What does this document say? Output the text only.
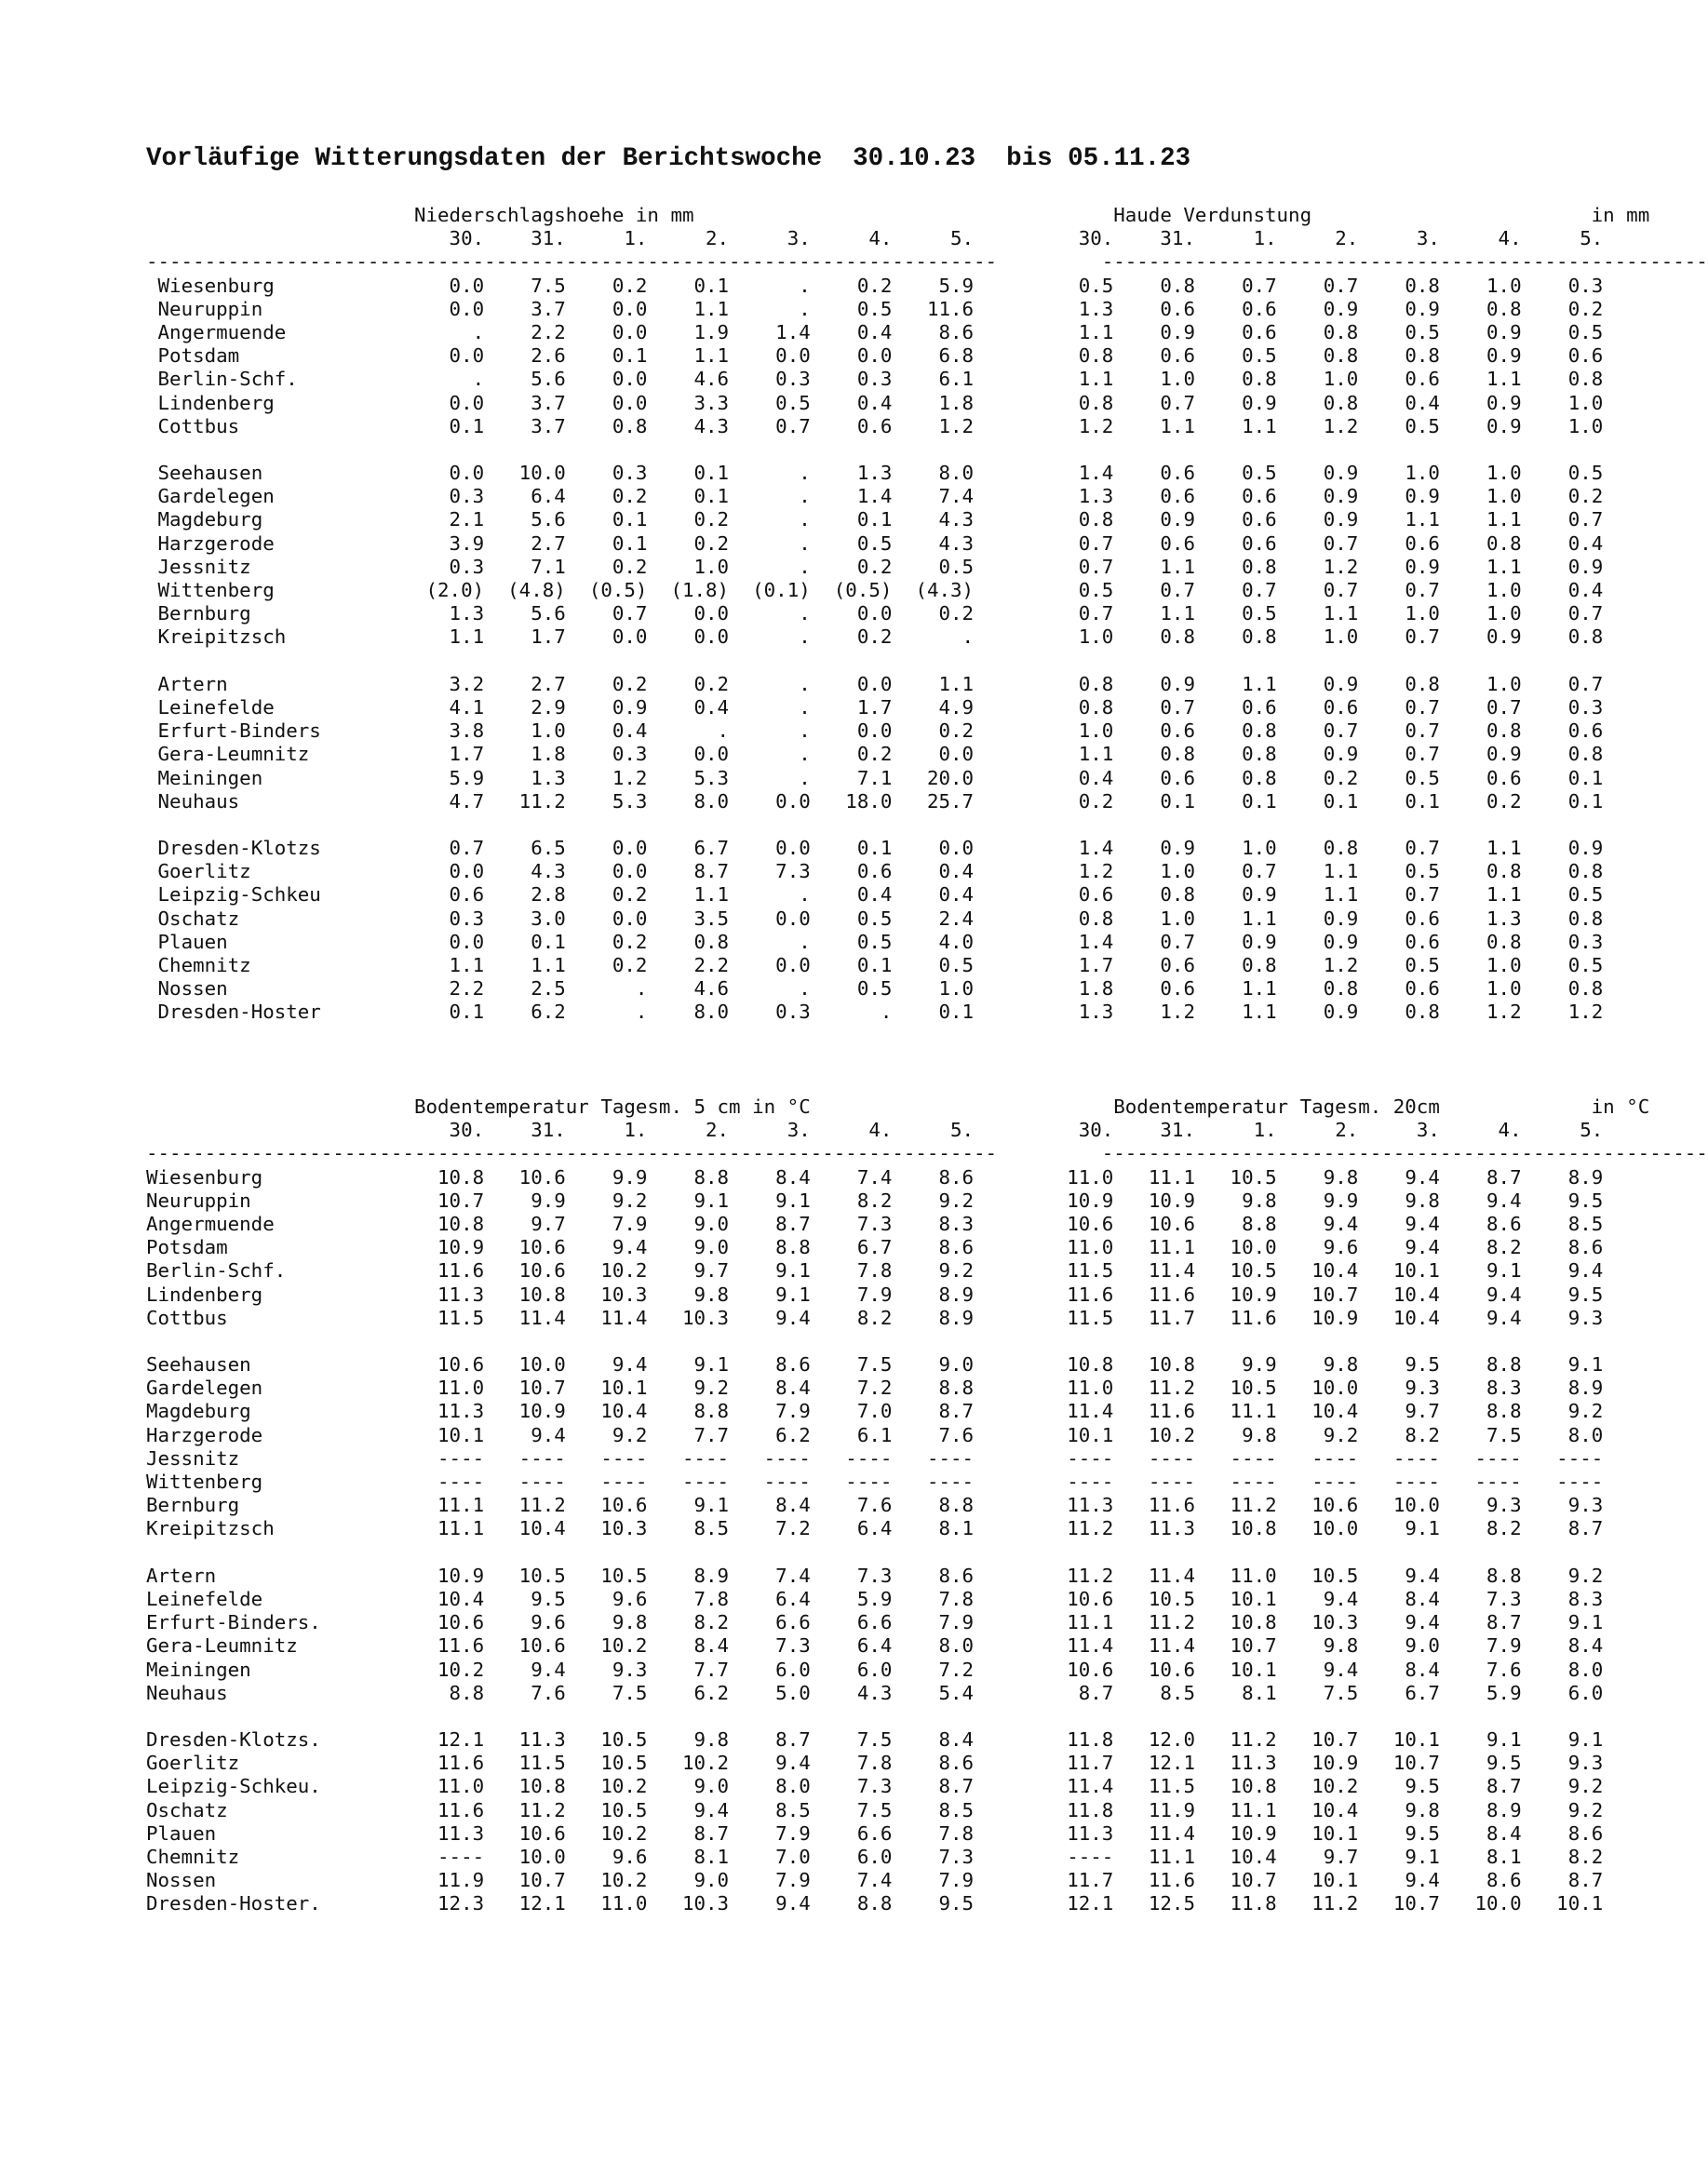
Vorläufige Witterungsdaten der Berichtswoche  30.10.23  bis 05.11.23
Niederschlagshoehe in mm	Haude Verdunstung	in mm
30.    31.     1.     2.     3.     4.     5.	30.    31.     1.     2.     3.     4.     5.
-------------------------------------------------------------------------	----------------------------------------------------
Wiesenburg               0.0    7.5    0.2    0.1      .    0.2    5.9	0.5    0.8    0.7    0.7    0.8    1.0    0.3
Neuruppin                0.0    3.7    0.0    1.1      .    0.5   11.6	1.3    0.6    0.6    0.9    0.9    0.8    0.2
Angermuende                .    2.2    0.0    1.9    1.4    0.4    8.6	1.1    0.9    0.6    0.8    0.5    0.9    0.5
Potsdam                  0.0    2.6    0.1    1.1    0.0    0.0    6.8	0.8    0.6    0.5    0.8    0.8    0.9    0.6
Berlin-Schf.               .    5.6    0.0    4.6    0.3    0.3    6.1	1.1    1.0    0.8    1.0    0.6    1.1    0.8
Lindenberg               0.0    3.7    0.0    3.3    0.5    0.4    1.8	0.8    0.7    0.9    0.8    0.4    0.9    1.0
Cottbus                  0.1    3.7    0.8    4.3    0.7    0.6    1.2	1.2    1.1    1.1    1.2    0.5    0.9    1.0

Seehausen                0.0   10.0    0.3    0.1      .    1.3    8.0	1.4    0.6    0.5    0.9    1.0    1.0    0.5
Gardelegen               0.3    6.4    0.2    0.1      .    1.4    7.4	1.3    0.6    0.6    0.9    0.9    1.0    0.2
Magdeburg                2.1    5.6    0.1    0.2      .    0.1    4.3	0.8    0.9    0.6    0.9    1.1    1.1    0.7
Harzgerode               3.9    2.7    0.1    0.2      .    0.5    4.3	0.7    0.6    0.6    0.7    0.6    0.8    0.4
Jessnitz                 0.3    7.1    0.2    1.0      .    0.2    0.5	0.7    1.1    0.8    1.2    0.9    1.1    0.9
Wittenberg             (2.0)  (4.8)  (0.5)  (1.8)  (0.1)  (0.5)  (4.3)	0.5    0.7    0.7    0.7    0.7    1.0    0.4
Bernburg                 1.3    5.6    0.7    0.0      .    0.0    0.2	0.7    1.1    0.5    1.1    1.0    1.0    0.7
Kreipitzsch              1.1    1.7    0.0    0.0      .    0.2      .	1.0    0.8    0.8    1.0    0.7    0.9    0.8

Artern                   3.2    2.7    0.2    0.2      .    0.0    1.1	0.8    0.9    1.1    0.9    0.8    1.0    0.7
Leinefelde               4.1    2.9    0.9    0.4      .    1.7    4.9	0.8    0.7    0.6    0.6    0.7    0.7    0.3
Erfurt-Binders           3.8    1.0    0.4      .      .    0.0    0.2	1.0    0.6    0.8    0.7    0.7    0.8    0.6
Gera-Leumnitz            1.7    1.8    0.3    0.0      .    0.2    0.0	1.1    0.8    0.8    0.9    0.7    0.9    0.8
Meiningen                5.9    1.3    1.2    5.3      .    7.1   20.0	0.4    0.6    0.8    0.2    0.5    0.6    0.1
Neuhaus                  4.7   11.2    5.3    8.0    0.0   18.0   25.7	0.2    0.1    0.1    0.1    0.1    0.2    0.1

Dresden-Klotzs           0.7    6.5    0.0    6.7    0.0    0.1    0.0	1.4    0.9    1.0    0.8    0.7    1.1    0.9
Goerlitz                 0.0    4.3    0.0    8.7    7.3    0.6    0.4	1.2    1.0    0.7    1.1    0.5    0.8    0.8
Leipzig-Schkeu           0.6    2.8    0.2    1.1      .    0.4    0.4	0.6    0.8    0.9    1.1    0.7    1.1    0.5
Oschatz                  0.3    3.0    0.0    3.5    0.0    0.5    2.4	0.8    1.0    1.1    0.9    0.6    1.3    0.8
Plauen                   0.0    0.1    0.2    0.8      .    0.5    4.0	1.4    0.7    0.9    0.9    0.6    0.8    0.3
Chemnitz                 1.1    1.1    0.2    2.2    0.0    0.1    0.5	1.7    0.6    0.8    1.2    0.5    1.0    0.5
Nossen                   2.2    2.5      .    4.6      .    0.5    1.0	1.8    0.6    1.1    0.8    0.6    1.0    0.8
Dresden-Hoster           0.1    6.2      .    8.0    0.3      .    0.1	1.3    1.2    1.1    0.9    0.8    1.2    1.2
Bodentemperatur Tagesm. 5 cm in °C	Bodentemperatur Tagesm. 20cm	in °C
30.    31.     1.     2.     3.     4.     5.	30.    31.     1.     2.     3.     4.     5.
-------------------------------------------------------------------------	----------------------------------------------------
Wiesenburg               10.8   10.6    9.9    8.8    8.4    7.4    8.6	11.0   11.1   10.5    9.8    9.4    8.7    8.9
Neuruppin                10.7    9.9    9.2    9.1    9.1    8.2    9.2	10.9   10.9    9.8    9.9    9.8    9.4    9.5
Angermuende              10.8    9.7    7.9    9.0    8.7    7.3    8.3	10.6   10.6    8.8    9.4    9.4    8.6    8.5
Potsdam                  10.9   10.6    9.4    9.0    8.8    6.7    8.6	11.0   11.1   10.0    9.6    9.4    8.2    8.6
Berlin-Schf.             11.6   10.6   10.2    9.7    9.1    7.8    9.2	11.5   11.4   10.5   10.4   10.1    9.1    9.4
Lindenberg               11.3   10.8   10.3    9.8    9.1    7.9    8.9	11.6   11.6   10.9   10.7   10.4    9.4    9.5
Cottbus                  11.5   11.4   11.4   10.3    9.4    8.2    8.9	11.5   11.7   11.6   10.9   10.4    9.4    9.3

Seehausen                10.6   10.0    9.4    9.1    8.6    7.5    9.0	10.8   10.8    9.9    9.8    9.5    8.8    9.1
Gardelegen               11.0   10.7   10.1    9.2    8.4    7.2    8.8	11.0   11.2   10.5   10.0    9.3    8.3    8.9
Magdeburg                11.3   10.9   10.4    8.8    7.9    7.0    8.7	11.4   11.6   11.1   10.4    9.7    8.8    9.2
Harzgerode               10.1    9.4    9.2    7.7    6.2    6.1    7.6	10.1   10.2    9.8    9.2    8.2    7.5    8.0
Jessnitz                 ----   ----   ----   ----   ----   ----   ----	----   ----   ----   ----   ----   ----   ----
Wittenberg               ----   ----   ----   ----   ----   ----   ----	----   ----   ----   ----   ----   ----   ----
Bernburg                 11.1   11.2   10.6    9.1    8.4    7.6    8.8	11.3   11.6   11.2   10.6   10.0    9.3    9.3
Kreipitzsch              11.1   10.4   10.3    8.5    7.2    6.4    8.1	11.2   11.3   10.8   10.0    9.1    8.2    8.7

Artern                   10.9   10.5   10.5    8.9    7.4    7.3    8.6	11.2   11.4   11.0   10.5    9.4    8.8    9.2
Leinefelde               10.4    9.5    9.6    7.8    6.4    5.9    7.8	10.6   10.5   10.1    9.4    8.4    7.3    8.3
Erfurt-Binders.          10.6    9.6    9.8    8.2    6.6    6.6    7.9	11.1   11.2   10.8   10.3    9.4    8.7    9.1
Gera-Leumnitz            11.6   10.6   10.2    8.4    7.3    6.4    8.0	11.4   11.4   10.7    9.8    9.0    7.9    8.4
Meiningen                10.2    9.4    9.3    7.7    6.0    6.0    7.2	10.6   10.6   10.1    9.4    8.4    7.6    8.0
Neuhaus                   8.8    7.6    7.5    6.2    5.0    4.3    5.4	8.7    8.5    8.1    7.5    6.7    5.9    6.0

Dresden-Klotzs.          12.1   11.3   10.5    9.8    8.7    7.5    8.4	11.8   12.0   11.2   10.7   10.1    9.1    9.1
Goerlitz                 11.6   11.5   10.5   10.2    9.4    7.8    8.6	11.7   12.1   11.3   10.9   10.7    9.5    9.3
Leipzig-Schkeu.          11.0   10.8   10.2    9.0    8.0    7.3    8.7	11.4   11.5   10.8   10.2    9.5    8.7    9.2
Oschatz                  11.6   11.2   10.5    9.4    8.5    7.5    8.5	11.8   11.9   11.1   10.4    9.8    8.9    9.2
Plauen                   11.3   10.6   10.2    8.7    7.9    6.6    7.8	11.3   11.4   10.9   10.1    9.5    8.4    8.6
Chemnitz                 ----   10.0    9.6    8.1    7.0    6.0    7.3	----   11.1   10.4    9.7    9.1    8.1    8.2
Nossen                   11.9   10.7   10.2    9.0    7.9    7.4    7.9	11.7   11.6   10.7   10.1    9.4    8.6    8.7
Dresden-Hoster.          12.3   12.1   11.0   10.3    9.4    8.8    9.5	12.1   12.5   11.8   11.2   10.7   10.0   10.1
